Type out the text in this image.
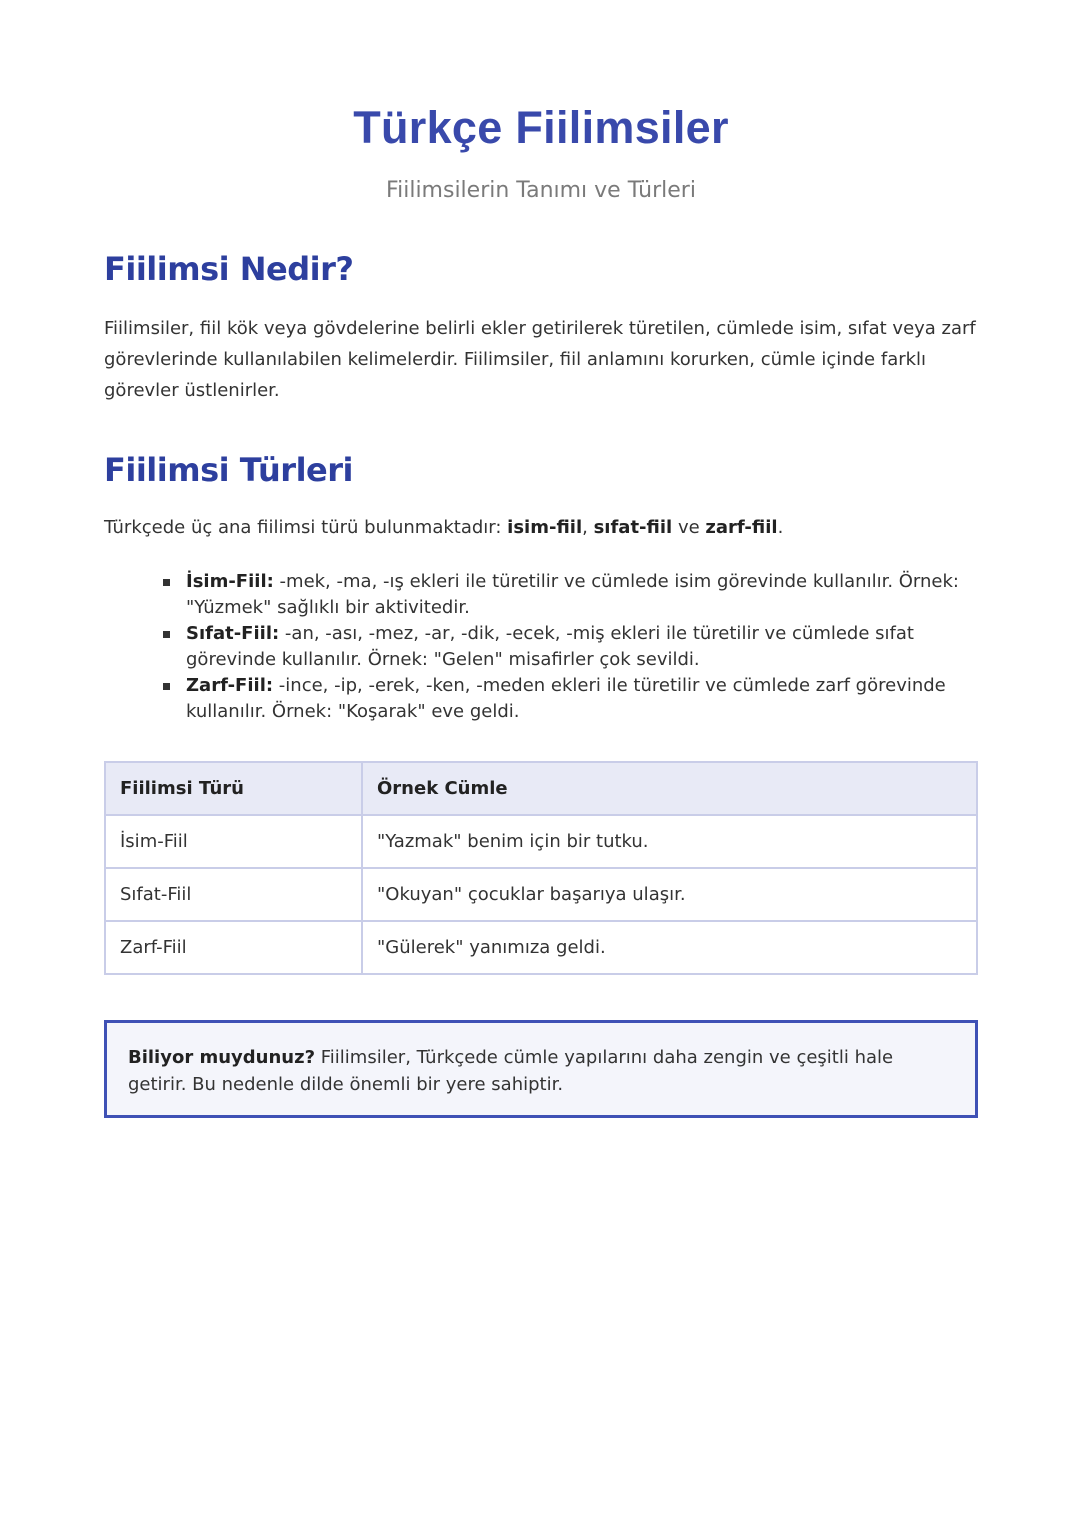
Türkçe Fiilimsiler

Fiilimsilerin Tanımı ve Türleri

Fiilimsi Nedir?

Fiilimsiler, fiil kök veya gövdelerine belirli ekler getirilerek türetilen, cümlede isim, sıfat veya zarf görevlerinde kullanılabilen kelimelerdir. Fiilimsiler, fiil anlamını korurken, cümle içinde farklı görevler üstlenirler.

Fiilimsi Türleri

Türkçede üç ana fiilimsi türü bulunmaktadır: isim-fiil, sıfat-fiil ve zarf-fiil.

İsim-Fiil: -mek, -ma, -ış ekleri ile türetilir ve cümlede isim görevinde kullanılır. Örnek: "Yüzmek" sağlıklı bir aktivitedir.
Sıfat-Fiil: -an, -ası, -mez, -ar, -dik, -ecek, -miş ekleri ile türetilir ve cümlede sıfat görevinde kullanılır. Örnek: "Gelen" misafirler çok sevildi.
Zarf-Fiil: -ince, -ip, -erek, -ken, -meden ekleri ile türetilir ve cümlede zarf görevinde kullanılır. Örnek: "Koşarak" eve geldi.
Fiilimsi Türü	Örnek Cümle
İsim-Fiil	"Yazmak" benim için bir tutku.
Sıfat-Fiil	"Okuyan" çocuklar başarıya ulaşır.
Zarf-Fiil	"Gülerek" yanımıza geldi.
Biliyor muydunuz? Fiilimsiler, Türkçede cümle yapılarını daha zengin ve çeşitli hale getirir. Bu nedenle dilde önemli bir yere sahiptir.
